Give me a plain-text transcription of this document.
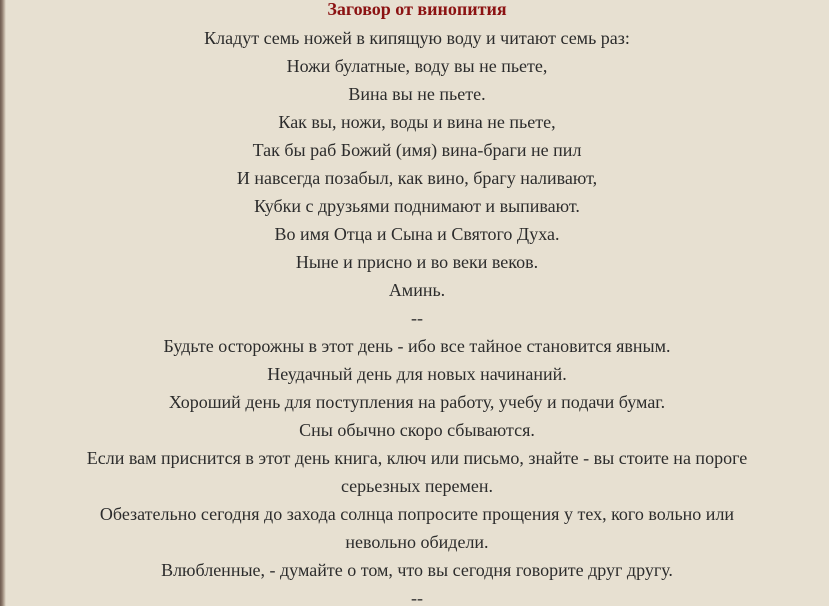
Заговор от винопития
Кладут семь ножей в кипящую воду и читают семь раз:
Ножи булатные, воду вы не пьете,
Вина вы не пьете.
Как вы, ножи, воды и вина не пьете,
Так бы раб Божий (имя) вина-браги не пил
И навсегда позабыл, как вино, брагу наливают,
Кубки с друзьями поднимают и выпивают.
Во имя Отца и Сына и Святого Духа.
Ныне и присно и во веки веков.
Аминь.
--
Будьте осторожны в этот день - ибо все тайное становится явным.
Неудачный день для новых начинаний.
Хороший день для поступления на работу, учебу и подачи бумаг.
Сны обычно скоро сбываются.
Если вам приснится в этот день книга, ключ или письмо, знайте - вы стоите на пороге
серьезных перемен.
Обезательно сегодня до захода солнца попросите прощения у тех, кого вольно или
невольно обидели.
Влюбленные, - думайте о том, что вы сегодня говорите друг другу.
--
